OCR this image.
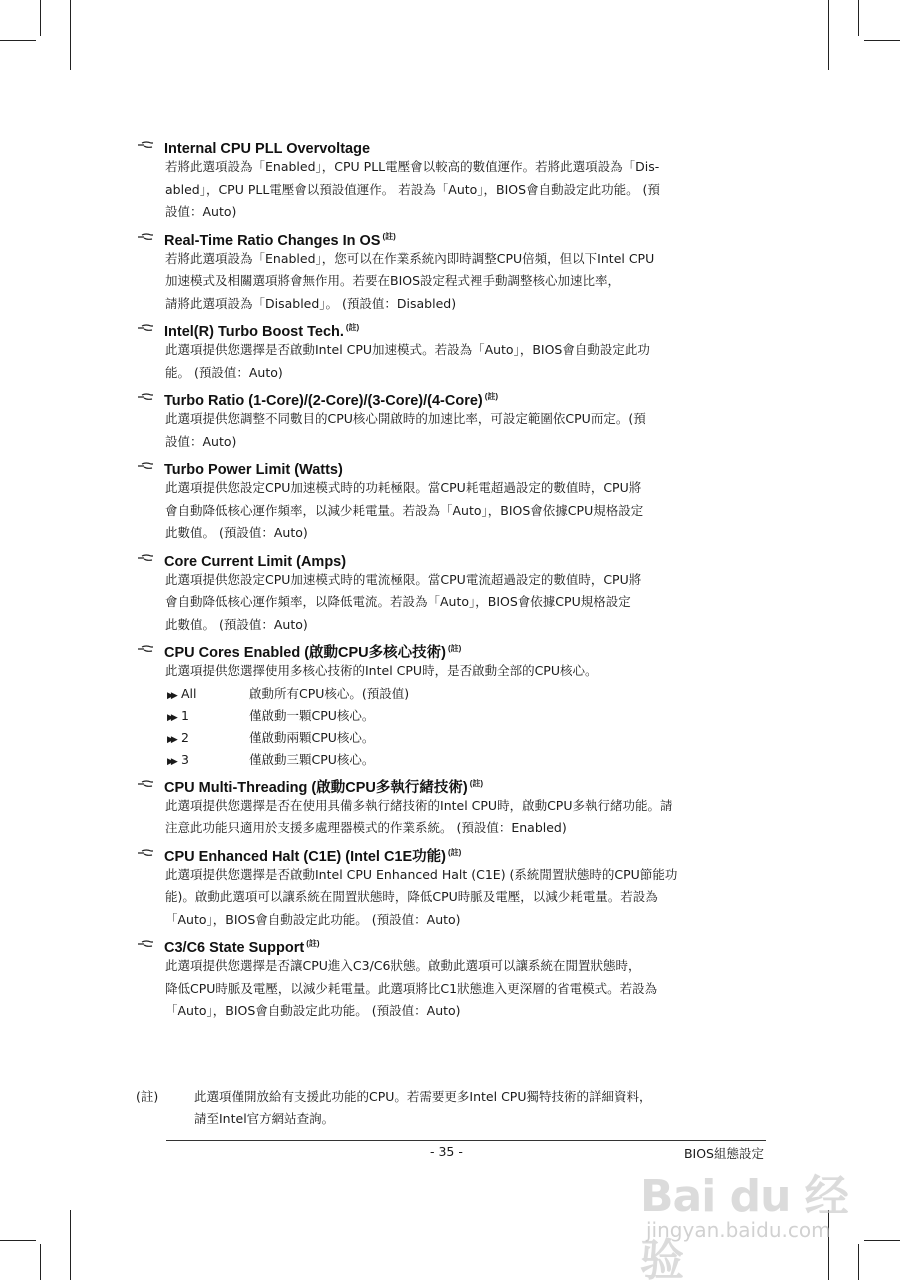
Internal CPU PLL Overvoltage

若將此選項設為「Enabled」，CPU PLL電壓會以較高的數值運作。若將此選項設為「Dis-

abled」，CPU PLL電壓會以預設值運作。 若設為「Auto」，BIOS會自動設定此功能。 (預

設值：Auto)

Real-Time Ratio Changes In OS $^{(註)}$

若將此選項設為「Enabled」，您可以在作業系統內即時調整CPU倍頻，但以下Intel CPU

加速模式及相關選項將會無作用。若要在BIOS設定程式裡手動調整核心加速比率，

請將此選項設為「Disabled」。 (預設值：Disabled)

Intel(R) Turbo Boost Tech. $^{(註)}$

此選項提供您選擇是否啟動Intel CPU加速模式。若設為「Auto」，BIOS會自動設定此功

能。 (預設值：Auto)

Turbo Ratio (1-Core)/(2-Core)/(3-Core)/(4-Core) $^{(註)}$

此選項提供您調整不同數目的CPU核心開啟時的加速比率，可設定範圍依CPU而定。(預

設值：Auto)

Turbo Power Limit (Watts)

此選項提供您設定CPU加速模式時的功耗極限。當CPU耗電超過設定的數值時，CPU將

會自動降低核心運作頻率，以減少耗電量。若設為「Auto」，BIOS會依據CPU規格設定

此數值。 (預設值：Auto)

Core Current Limit (Amps)

此選項提供您設定CPU加速模式時的電流極限。當CPU電流超過設定的數值時，CPU將

會自動降低核心運作頻率，以降低電流。若設為「Auto」，BIOS會依據CPU規格設定

此數值。 (預設值：Auto)

CPU Cores Enabled (啟動CPU多核心技術) $^{(註)}$

此選項提供您選擇使用多核心技術的Intel CPU時，是否啟動全部的CPU核心。

▶▶ All	啟動所有CPU核心。(預設值)
▶▶ 1	僅啟動一顆CPU核心。
▶▶ 2	僅啟動兩顆CPU核心。
▶▶ 3	僅啟動三顆CPU核心。
CPU Multi-Threading (啟動CPU多執行緒技術) $^{(註)}$

此選項提供您選擇是否在使用具備多執行緒技術的Intel CPU時，啟動CPU多執行緒功能。請

注意此功能只適用於支援多處理器模式的作業系統。 (預設值：Enabled)

CPU Enhanced Halt (C1E) (Intel C1E功能) $^{(註)}$

此選項提供您選擇是否啟動Intel CPU Enhanced Halt (C1E) (系統閒置狀態時的CPU節能功

能)。啟動此選項可以讓系統在閒置狀態時，降低CPU時脈及電壓，以減少耗電量。若設為

「Auto」，BIOS會自動設定此功能。 (預設值：Auto)

C3/C6 State Support $^{(註)}$

此選項提供您選擇是否讓CPU進入C3/C6狀態。啟動此選項可以讓系統在閒置狀態時，

降低CPU時脈及電壓，以減少耗電量。此選項將比C1狀態進入更深層的省電模式。若設為

「Auto」，BIOS會自動設定此功能。 (預設值：Auto)

(註)	此選項僅開放給有支援此功能的CPU。若需要更多Intel CPU獨特技術的詳細資料，
請至Intel官方網站查詢。
- 35 -	BIOS組態設定
Bai du 经验
jingyan.baidu.com
